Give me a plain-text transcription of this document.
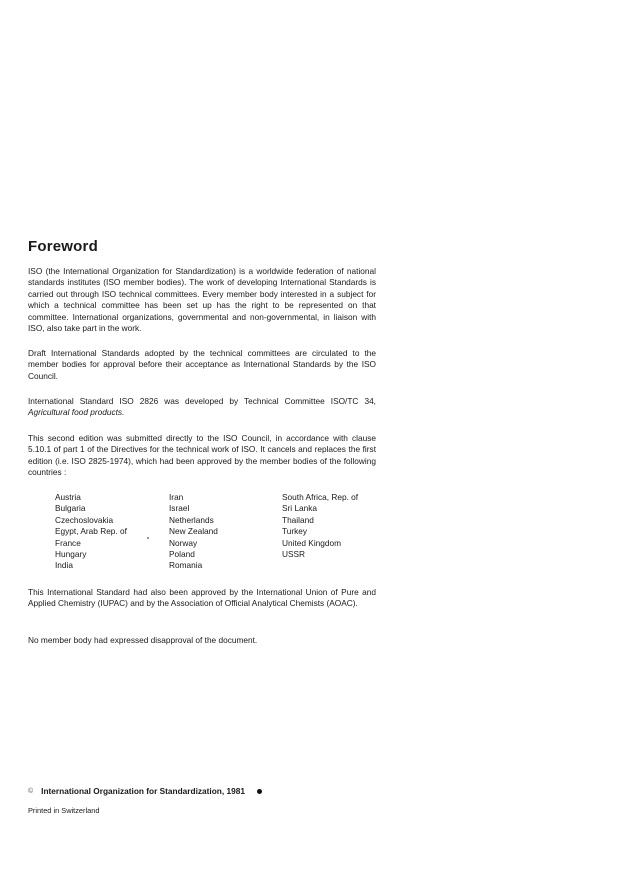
Foreword

ISO (the International Organization for Standardization) is a worldwide federation of national standards institutes (ISO member bodies). The work of developing International Standards is carried out through ISO technical committees. Every member body interested in a subject for which a technical committee has been set up has the right to be represented on that committee. International organizations, governmental and non-governmental, in liaison with ISO, also take part in the work.

Draft International Standards adopted by the technical committees are circulated to the member bodies for approval before their acceptance as International Standards by the ISO Council.

International Standard ISO 2826 was developed by Technical Committee ISO/TC 34, Agricultural food products.

This second edition was submitted directly to the ISO Council, in accordance with clause 5.10.1 of part 1 of the Directives for the technical work of ISO. It cancels and replaces the first edition (i.e. ISO 2825-1974), which had been approved by the member bodies of the following countries :

Austria
Bulgaria
Czechoslovakia
Egypt, Arab Rep. of
France
Hungary
India
Iran
Israel
Netherlands
New Zealand
Norway
Poland
Romania
South Africa, Rep. of
Sri Lanka
Thailand
Turkey
United Kingdom
USSR

This International Standard had also been approved by the International Union of Pure and Applied Chemistry (IUPAC) and by the Association of Official Analytical Chemists (AOAC).

No member body had expressed disapproval of the document.

© International Organization for Standardization, 1981
Printed in Switzerland
